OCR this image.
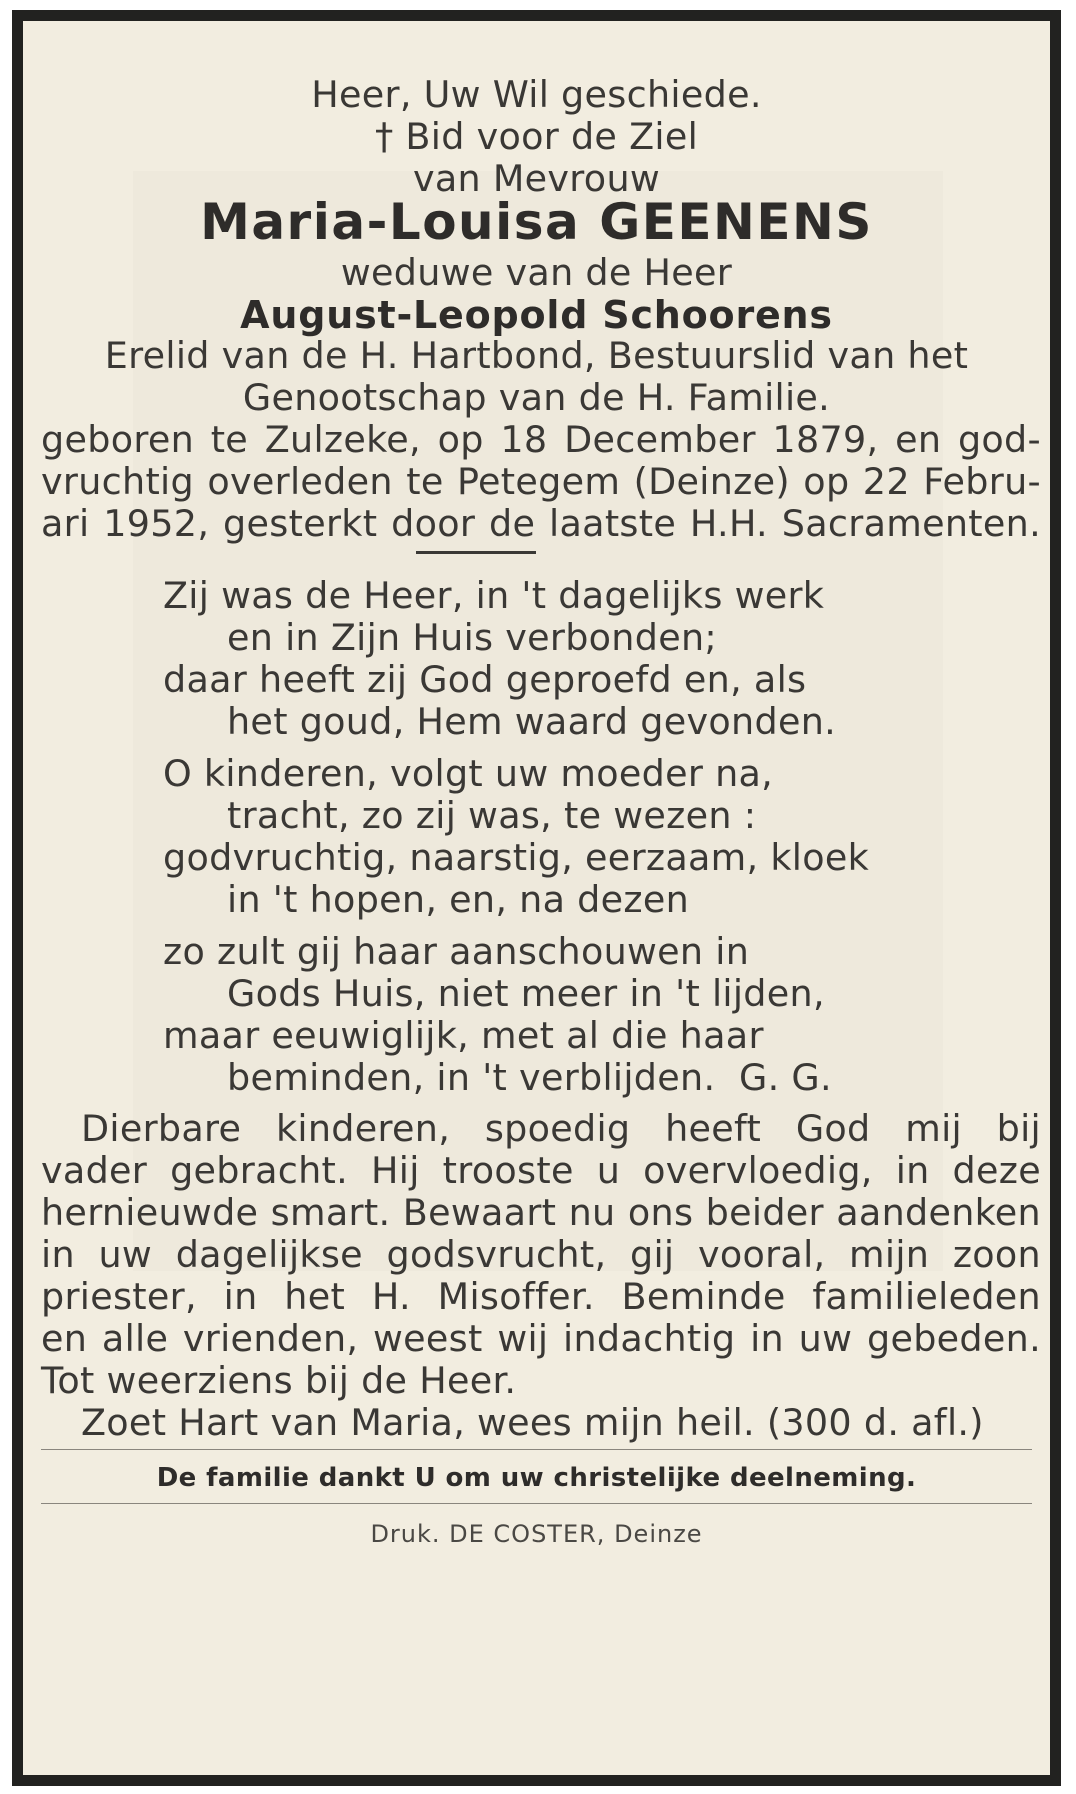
Heer, Uw Wil geschiede.
† Bid voor de Ziel
van Mevrouw
Maria-Louisa GEENENS
weduwe van de Heer
August-Leopold Schoorens
Erelid van de H. Hartbond, Bestuurslid van het
Genootschap van de H. Familie.
geboren te Zulzeke, op 18 December 1879, en god-
vruchtig overleden te Petegem (Deinze) op 22 Febru-
ari 1952, gesterkt door de laatste H.H. Sacramenten.
Zij was de Heer, in 't dagelijks werk
en in Zijn Huis verbonden;
daar heeft zij God geproefd en, als
het goud, Hem waard gevonden.
O kinderen, volgt uw moeder na,
tracht, zo zij was, te wezen :
godvruchtig, naarstig, eerzaam, kloek
in 't hopen, en, na dezen
zo zult gij haar aanschouwen in
Gods Huis, niet meer in 't lijden,
maar eeuwiglijk, met al die haar
beminden, in 't verblijden. G. G.
Dierbare kinderen, spoedig heeft God mij bij
vader gebracht. Hij trooste u overvloedig, in deze
hernieuwde smart. Bewaart nu ons beider aandenken
in uw dagelijkse godsvrucht, gij vooral, mijn zoon
priester, in het H. Misoffer. Beminde familieleden
en alle vrienden, weest wij indachtig in uw gebeden.
Tot weerziens bij de Heer.
Zoet Hart van Maria, wees mijn heil. (300 d. afl.)
De familie dankt U om uw christelijke deelneming.
Druk. DE COSTER, Deinze
